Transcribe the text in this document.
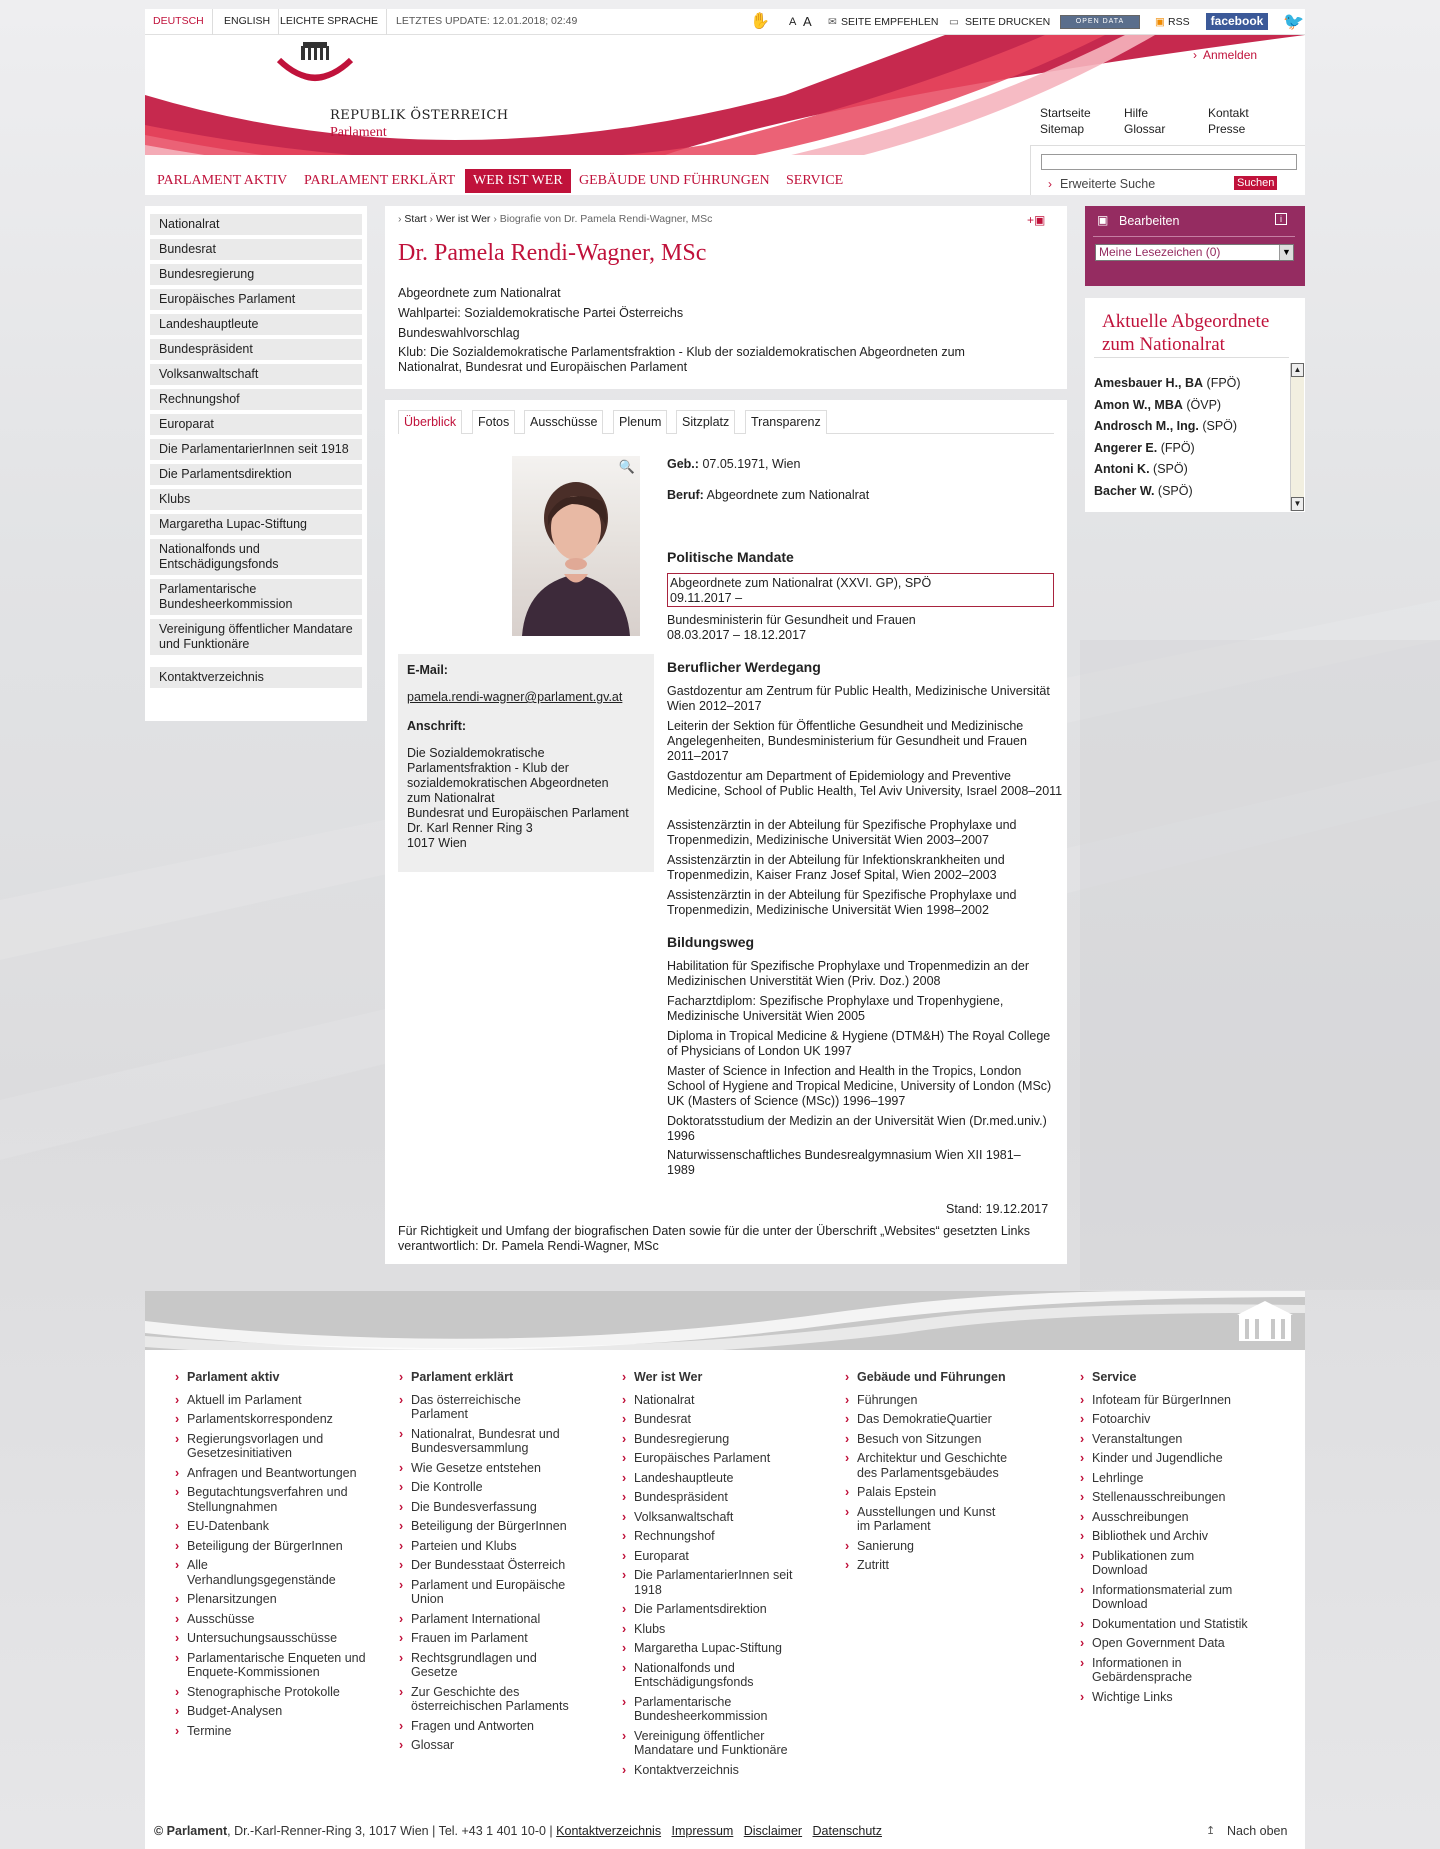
DEUTSCH	ENGLISH LEICHTE SPRACHE	LETZTES UPDATE: 12.01.2018; 02:49	✋ A A ✉ SEITE EMPFEHLEN ▭ SEITE DRUCKEN	OPEN DATA	▣ RSS	facebook 🐦
REPUBLIK ÖSTERREICH
Parlament
› Anmelden
Startseite
Sitemap
Hilfe
Glossar
Kontakt
Presse
PARLAMENT AKTIV	PARLAMENT ERKLÄRT	WER IST WER	GEBÄUDE UND FÜHRUNGEN	SERVICE	› Erweiterte Suche	Suchen
Nationalrat
Bundesrat
Bundesregierung
Europäisches Parlament
Landeshauptleute
Bundespräsident
Volksanwaltschaft
Rechnungshof
Europarat
Die ParlamentarierInnen seit 1918
Die Parlamentsdirektion
Klubs
Margaretha Lupac-Stiftung
Nationalfonds und Entschädigungsfonds
Parlamentarische Bundesheerkommission
Vereinigung öffentlicher Mandatare und Funktionäre
Kontaktverzeichnis
› Start › Wer ist Wer › Biografie von Dr. Pamela Rendi-Wagner, MSc	+▣
Dr. Pamela Rendi-Wagner, MSc
Abgeordnete zum Nationalrat
Wahlpartei: Sozialdemokratische Partei Österreichs
Bundeswahlvorschlag
Klub: Die Sozialdemokratische Parlamentsfraktion - Klub der sozialdemokratischen Abgeordneten zum Nationalrat, Bundesrat und Europäischen Parlament
Überblick	Fotos	Ausschüsse	Plenum	Sitzplatz	Transparenz
🔍
E-Mail:
pamela.rendi-wagner@parlament.gv.at
Anschrift:
Die Sozialdemokratische
Parlamentsfraktion - Klub der
sozialdemokratischen Abgeordneten
zum Nationalrat
Bundesrat und Europäischen Parlament
Dr. Karl Renner Ring 3
1017 Wien
Geb.: 07.05.1971, Wien
Beruf: Abgeordnete zum Nationalrat
Politische Mandate
Abgeordnete zum Nationalrat (XXVI. GP), SPÖ
09.11.2017 –
Bundesministerin für Gesundheit und Frauen
08.03.2017 – 18.12.2017
Beruflicher Werdegang
Gastdozentur am Zentrum für Public Health, Medizinische Universität Wien 2012–2017
Leiterin der Sektion für Öffentliche Gesundheit und Medizinische Angelegenheiten, Bundesministerium für Gesundheit und Frauen 2011–2017
Gastdozentur am Department of Epidemiology and Preventive Medicine, School of Public Health, Tel Aviv University, Israel 2008–2011
Assistenzärztin in der Abteilung für Spezifische Prophylaxe und Tropenmedizin, Medizinische Universität Wien 2003–2007
Assistenzärztin in der Abteilung für Infektionskrankheiten und Tropenmedizin, Kaiser Franz Josef Spital, Wien 2002–2003
Assistenzärztin in der Abteilung für Spezifische Prophylaxe und Tropenmedizin, Medizinische Universität Wien 1998–2002
Bildungsweg
Habilitation für Spezifische Prophylaxe und Tropenmedizin an der Medizinischen Universtität Wien (Priv. Doz.) 2008
Facharztdiplom: Spezifische Prophylaxe und Tropenhygiene, Medizinische Universität Wien 2005
Diploma in Tropical Medicine & Hygiene (DTM&H) The Royal College of Physicians of London UK 1997
Master of Science in Infection and Health in the Tropics, London School of Hygiene and Tropical Medicine, University of London (MSc) UK (Masters of Science (MSc)) 1996–1997
Doktoratsstudium der Medizin an der Universität Wien (Dr.med.univ.) 1996
Naturwissenschaftliches Bundesrealgymnasium Wien XII 1981–1989
Stand: 19.12.2017
Für Richtigkeit und Umfang der biografischen Daten sowie für die unter der Überschrift „Websites“ gesetzten Links verantwortlich: Dr. Pamela Rendi-Wagner, MSc
▣ Bearbeiten	i
Meine Lesezeichen (0)	▼
Aktuelle Abgeordnete zum Nationalrat
Amesbauer H., BA (FPÖ)
Amon W., MBA (ÖVP)
Androsch M., Ing. (SPÖ)
Angerer E. (FPÖ)
Antoni K. (SPÖ)
Bacher W. (SPÖ)
▲
▼
› Parlament aktiv
› Aktuell im Parlament
› Parlamentskorrespondenz
› Regierungsvorlagen und Gesetzesinitiativen
› Anfragen und Beantwortungen
› Begutachtungsverfahren und Stellungnahmen
› EU-Datenbank
› Beteiligung der BürgerInnen
› Alle Verhandlungsgegenstände
› Plenarsitzungen
› Ausschüsse
› Untersuchungsausschüsse
› Parlamentarische Enqueten und Enquete-Kommissionen
› Stenographische Protokolle
› Budget-Analysen
› Termine
› Parlament erklärt
› Das österreichische Parlament
› Nationalrat, Bundesrat und Bundesversammlung
› Wie Gesetze entstehen
› Die Kontrolle
› Die Bundesverfassung
› Beteiligung der BürgerInnen
› Parteien und Klubs
› Der Bundesstaat Österreich
› Parlament und Europäische Union
› Parlament International
› Frauen im Parlament
› Rechtsgrundlagen und Gesetze
› Zur Geschichte des österreichischen Parlaments
› Fragen und Antworten
› Glossar
› Wer ist Wer
› Nationalrat
› Bundesrat
› Bundesregierung
› Europäisches Parlament
› Landeshauptleute
› Bundespräsident
› Volksanwaltschaft
› Rechnungshof
› Europarat
› Die ParlamentarierInnen seit 1918
› Die Parlamentsdirektion
› Klubs
› Margaretha Lupac-Stiftung
› Nationalfonds und Entschädigungsfonds
› Parlamentarische Bundesheerkommission
› Vereinigung öffentlicher Mandatare und Funktionäre
› Kontaktverzeichnis
› Gebäude und Führungen
› Führungen
› Das DemokratieQuartier
› Besuch von Sitzungen
› Architektur und Geschichte des Parlamentsgebäudes
› Palais Epstein
› Ausstellungen und Kunst im Parlament
› Sanierung
› Zutritt
› Service
› Infoteam für BürgerInnen
› Fotoarchiv
› Veranstaltungen
› Kinder und Jugendliche
› Lehrlinge
› Stellenausschreibungen
› Ausschreibungen
› Bibliothek und Archiv
› Publikationen zum Download
› Informationsmaterial zum Download
› Dokumentation und Statistik
› Open Government Data
› Informationen in Gebärdensprache
› Wichtige Links
© Parlament, Dr.-Karl-Renner-Ring 3, 1017 Wien | Tel. +43 1 401 10-0 | Kontaktverzeichnis Impressum Disclaimer Datenschutz	↥ Nach oben
